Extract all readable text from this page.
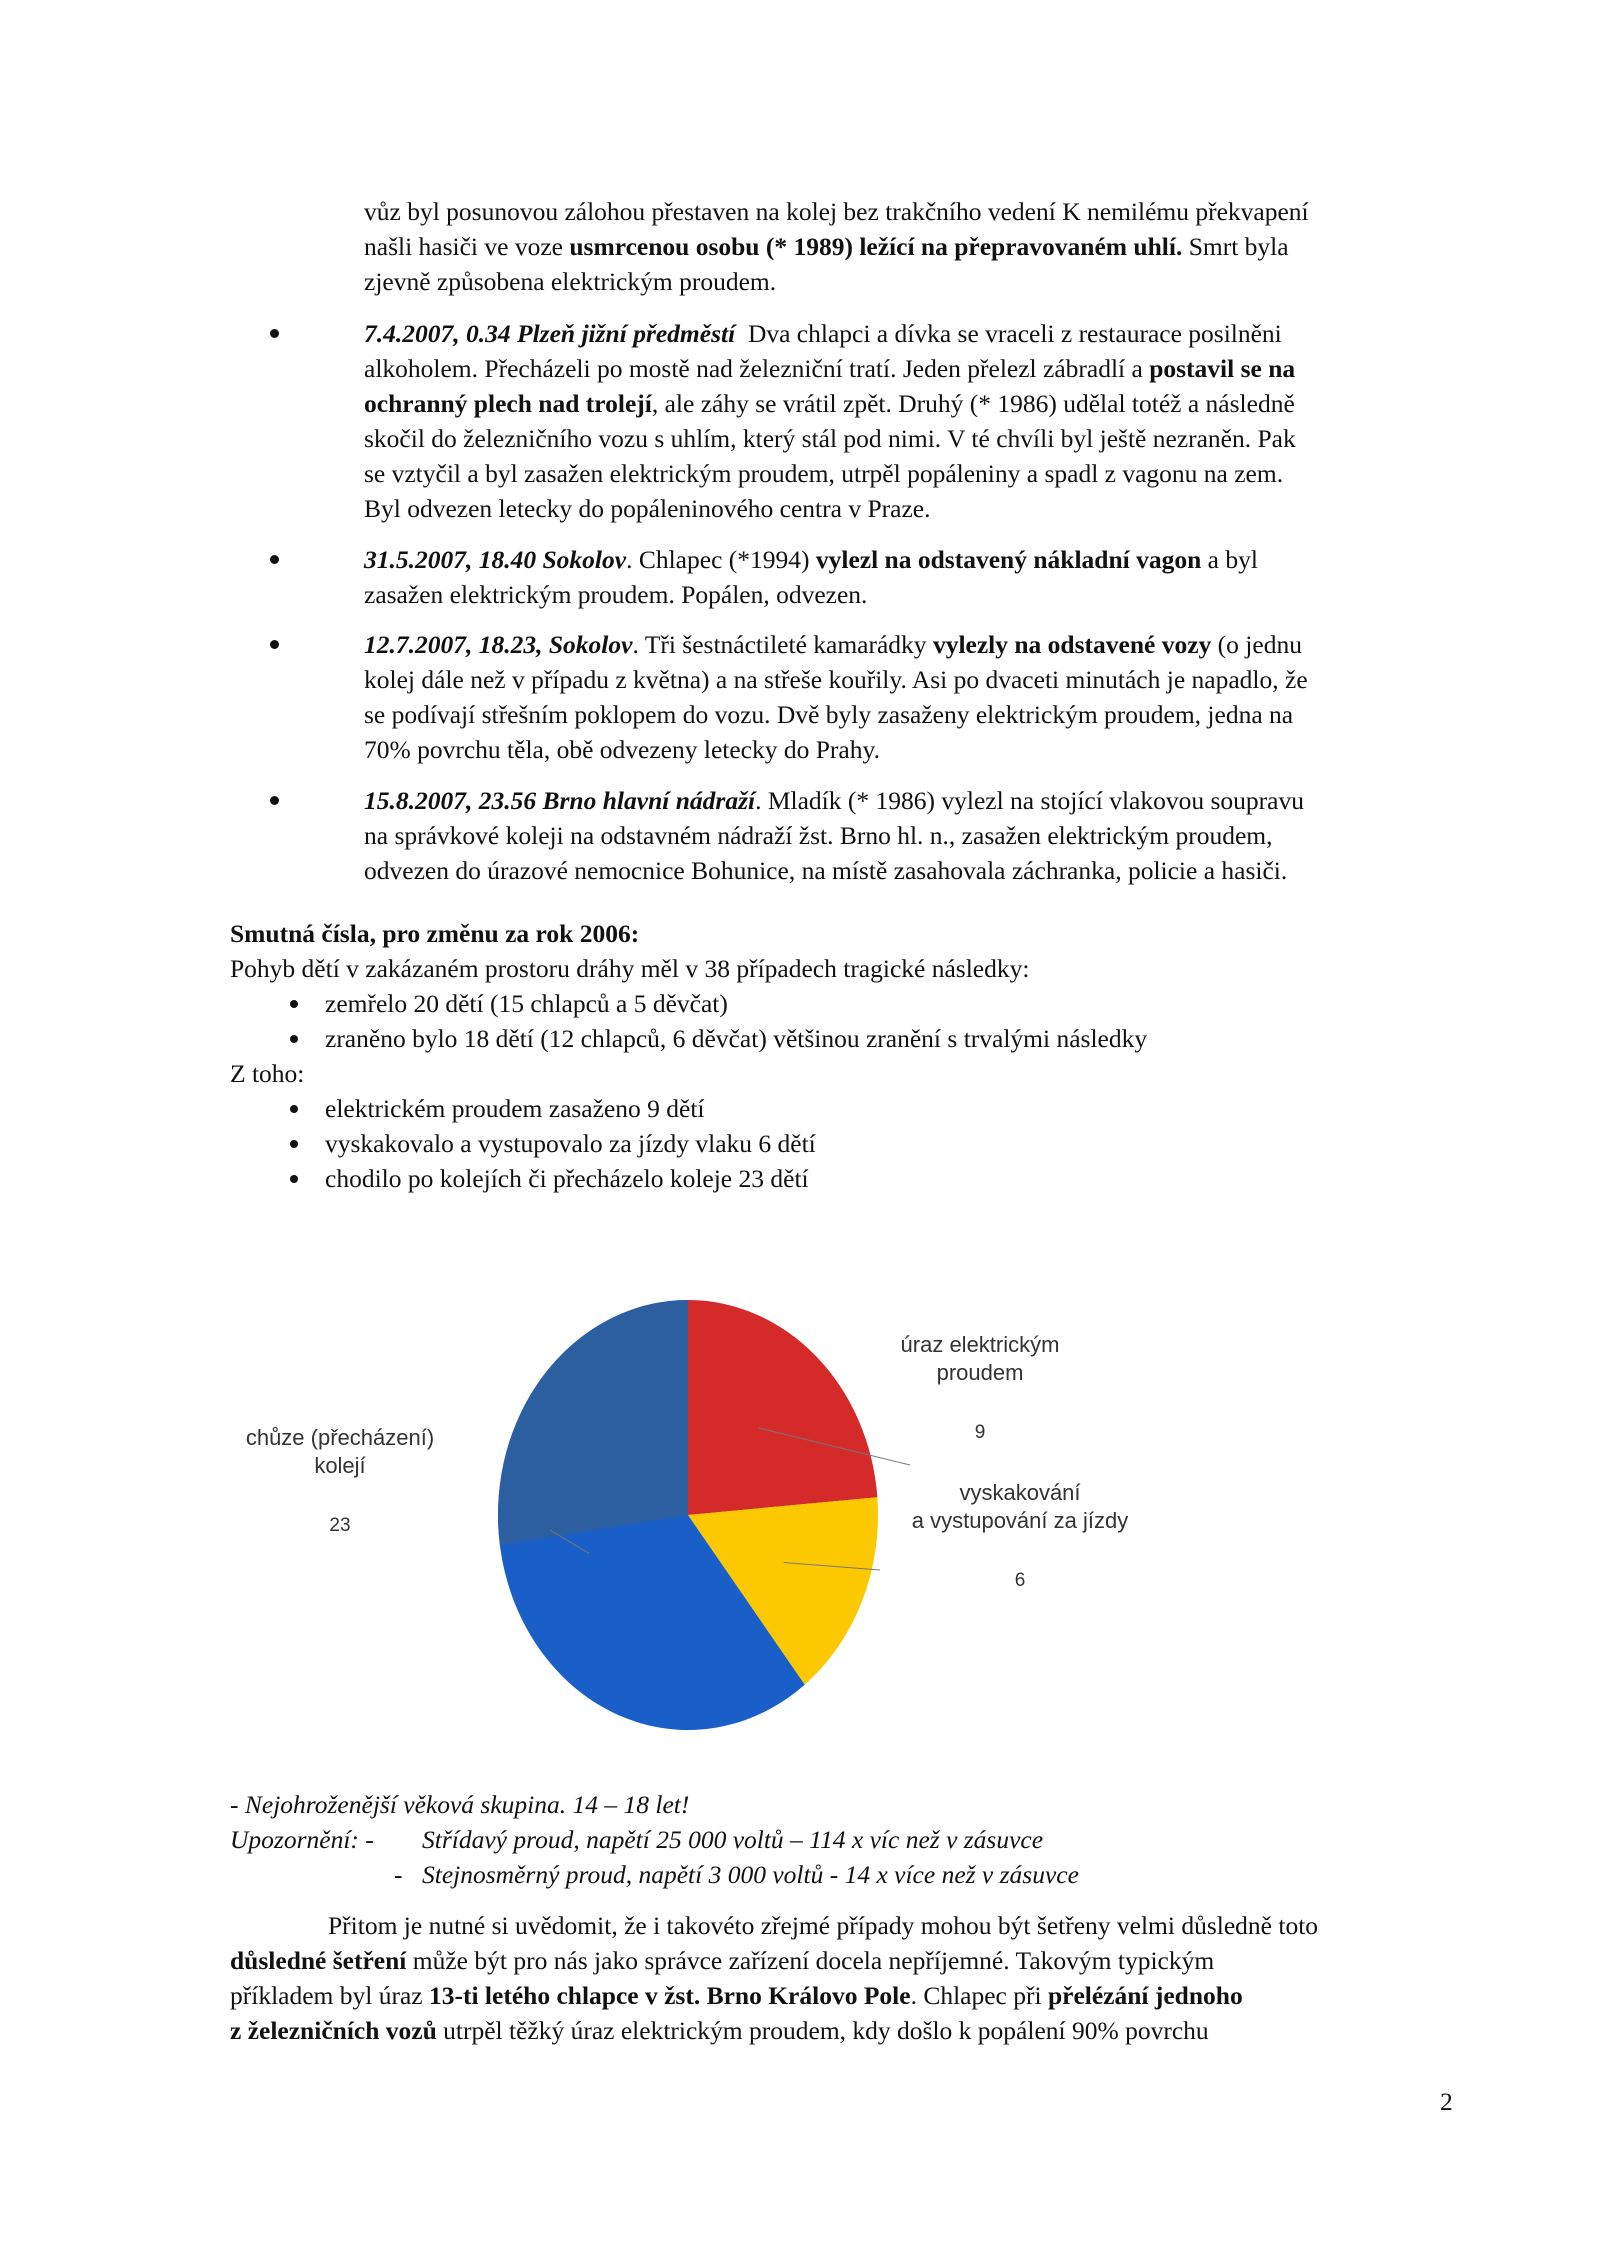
vůz byl posunovou zálohou přestaven na kolej bez trakčního vedení K nemilému překvapení
našli hasiči ve voze usmrcenou osobu (* 1989) ležící na přepravovaném uhlí. Smrt byla
zjevně způsobena elektrickým proudem.
7.4.2007, 0.34 Plzeň jižní předměstí  Dva chlapci a dívka se vraceli z restaurace posilněni
alkoholem. Přecházeli po mostě nad železniční tratí. Jeden přelezl zábradlí a postavil se na
ochranný plech nad trolejí, ale záhy se vrátil zpět. Druhý (* 1986) udělal totéž a následně
skočil do železničního vozu s uhlím, který stál pod nimi. V té chvíli byl ještě nezraněn. Pak
se vztyčil a byl zasažen elektrickým proudem, utrpěl popáleniny a spadl z vagonu na zem.
Byl odvezen letecky do popáleninového centra v Praze.
31.5.2007, 18.40 Sokolov. Chlapec (*1994) vylezl na odstavený nákladní vagon a byl
zasažen elektrickým proudem. Popálen, odvezen.
12.7.2007, 18.23, Sokolov. Tři šestnáctileté kamarádky vylezly na odstavené vozy (o jednu
kolej dále než v případu z května) a na střeše kouřily. Asi po dvaceti minutách je napadlo, že
se podívají střešním poklopem do vozu. Dvě byly zasaženy elektrickým proudem, jedna na
70% povrchu těla, obě odvezeny letecky do Prahy.
15.8.2007, 23.56 Brno hlavní nádraží. Mladík (* 1986) vylezl na stojící vlakovou soupravu
na správkové koleji na odstavném nádraží žst. Brno hl. n., zasažen elektrickým proudem,
odvezen do úrazové nemocnice Bohunice, na místě zasahovala záchranka, policie a hasiči.
Smutná čísla, pro změnu za rok 2006:
Pohyb dětí v zakázaném prostoru dráhy měl v 38 případech tragické následky:
zemřelo 20 dětí (15 chlapců a 5 děvčat)
zraněno bylo 18 dětí (12 chlapců, 6 děvčat) většinou zranění s trvalými následky
Z toho:
elektrickém proudem zasaženo 9 dětí
vyskakovalo a vystupovalo za jízdy vlaku 6 dětí
chodilo po kolejích či přecházelo koleje 23 dětí
úraz elektrickým
proudem
9
vyskakování
a vystupování za jízdy
6
chůze (přecházení)
kolejí
23
- Nejohroženější věková skupina. 14 – 18 let!
Upozornění: - Střídavý proud, napětí 25 000 voltů – 114 x víc než v zásuvce
- Stejnosměrný proud, napětí 3 000 voltů - 14 x více než v zásuvce
Přitom je nutné si uvědomit, že i takovéto zřejmé případy mohou být šetřeny velmi důsledně toto
důsledné šetření může být pro nás jako správce zařízení docela nepříjemné. Takovým typickým
příkladem byl úraz 13-ti letého chlapce v žst. Brno Královo Pole. Chlapec při přelézání jednoho
z železničních vozů utrpěl těžký úraz elektrickým proudem, kdy došlo k popálení 90% povrchu
2
